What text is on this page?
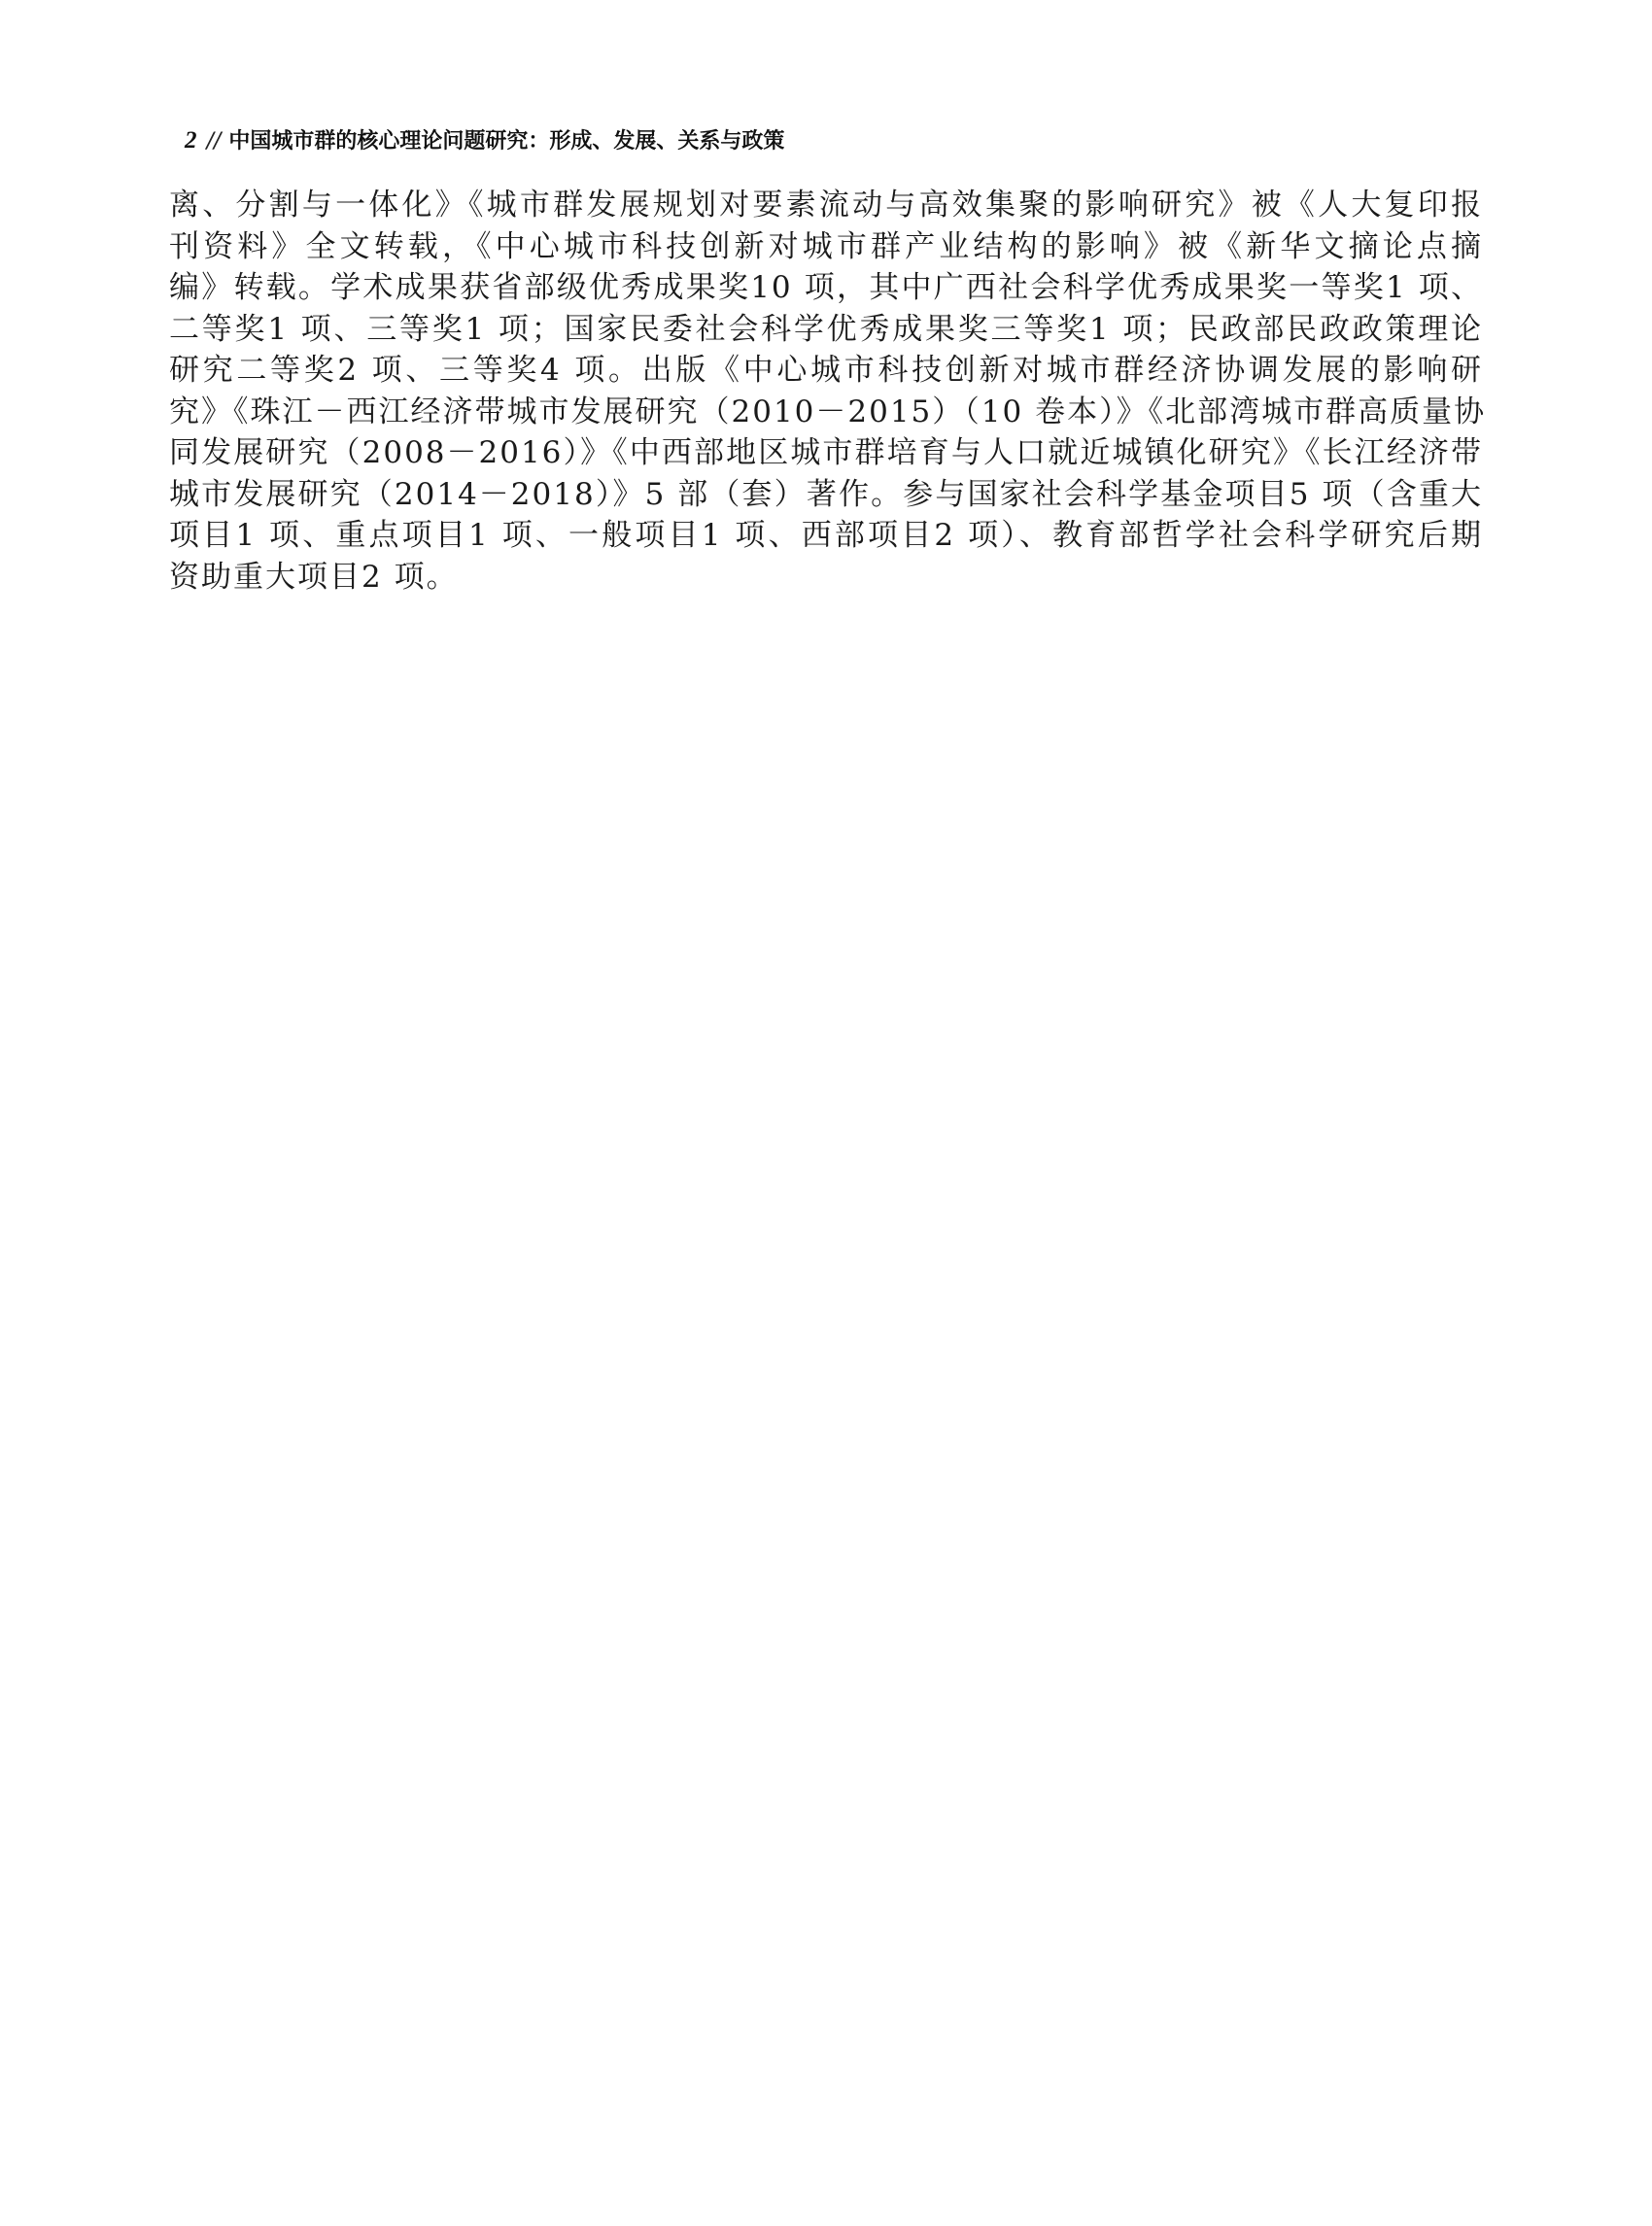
2 // 中国城市群的核心理论问题研究：形成、发展、关系与政策
离、分割与一体化》《城市群发展规划对要素流动与高效集聚的影响研究》被《人大复印报
刊资料》全文转载，《中心城市科技创新对城市群产业结构的影响》被《新华文摘论点摘
编》转载。学术成果获省部级优秀成果奖10 项，其中广西社会科学优秀成果奖一等奖1 项、
二等奖1 项、三等奖1 项；国家民委社会科学优秀成果奖三等奖1 项；民政部民政政策理论
研究二等奖2 项、三等奖4 项。出版《中心城市科技创新对城市群经济协调发展的影响研
究》《珠江－西江经济带城市发展研究（2010－2015）（10 卷本）》《北部湾城市群高质量协
同发展研究（2008－2016）》《中西部地区城市群培育与人口就近城镇化研究》《长江经济带
城市发展研究（2014－2018）》5 部（套）著作。参与国家社会科学基金项目5 项（含重大
项目1 项、重点项目1 项、一般项目1 项、西部项目2 项）、教育部哲学社会科学研究后期
资助重大项目2 项。
